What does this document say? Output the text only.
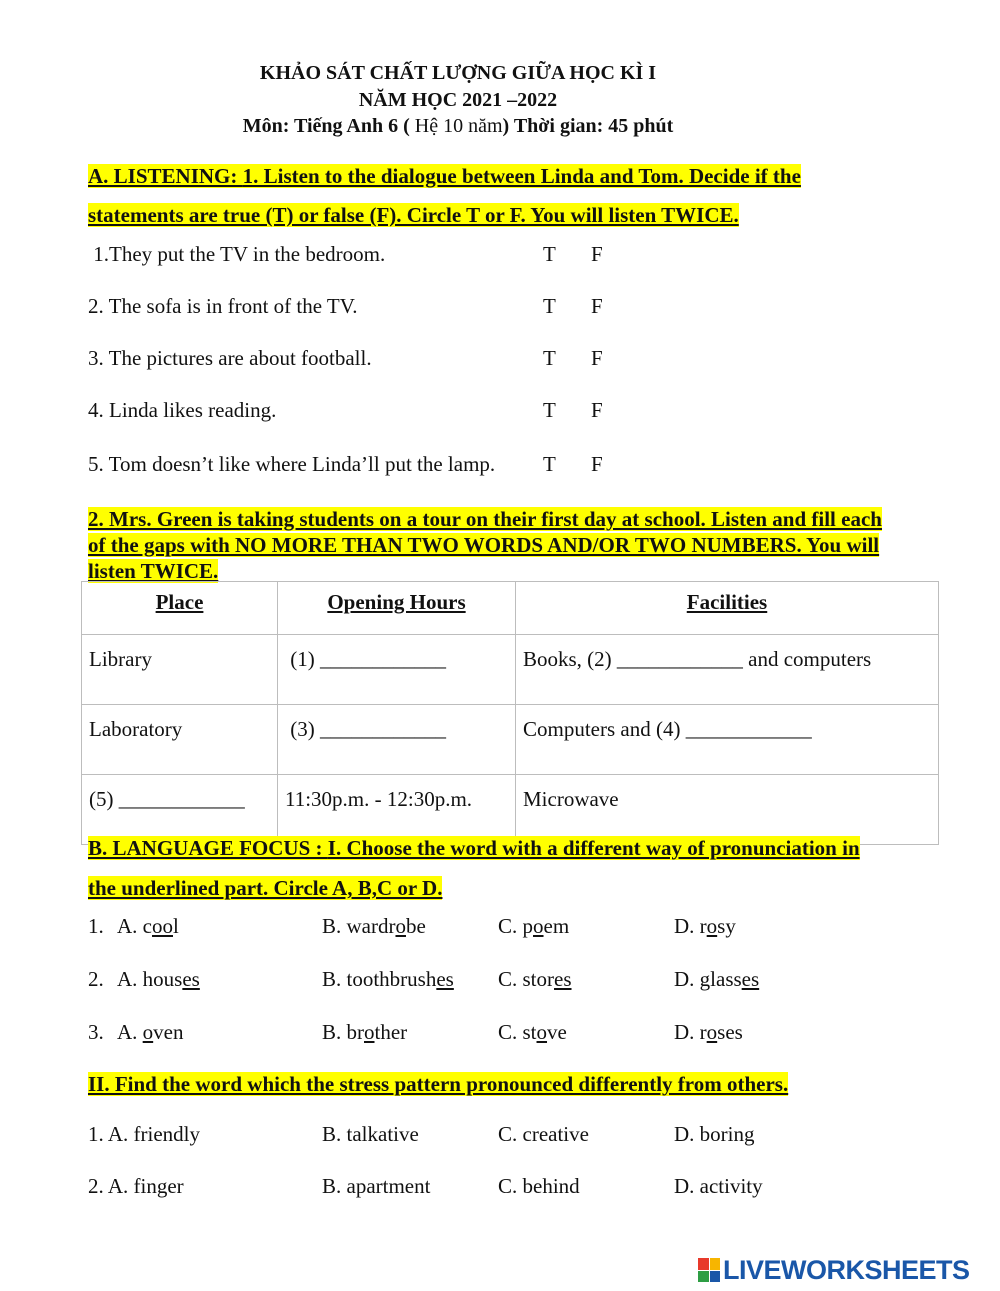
KHẢO SÁT CHẤT LƯỢNG GIỮA HỌC KÌ I
NĂM HỌC 2021 –2022
Môn: Tiếng Anh 6 ( Hệ 10 năm) Thời gian: 45 phút
A. LISTENING: 1. Listen to the dialogue between Linda and Tom. Decide if the
statements are true (T) or false (F). Circle T or F. You will listen TWICE.
1.They put the TV in the bedroom.	T F
2. The sofa is in front of the TV.	T F
3. The pictures are about football.	T F
4. Linda likes reading.	T F
5. Tom doesn’t like where Linda’ll put the lamp. T F
2. Mrs. Green is taking students on a tour on their first day at school. Listen and fill each
of the gaps with NO MORE THAN TWO WORDS AND/OR TWO NUMBERS. You will
listen TWICE.
Place	Opening Hours	Facilities
Library	(1) ____________	Books, (2) ____________ and computers
Laboratory	(3) ____________	Computers and (4) ____________
(5) ____________	11:30p.m. - 12:30p.m.	Microwave
B. LANGUAGE FOCUS : I. Choose the word with a different way of pronunciation in
the underlined part. Circle A, B,C or D.
1. A. cool	B. wardrobe	C. poem	D. rosy
2. A. houses	B. toothbrushes C. stores	D. glasses
3. A. oven	B. brother	C. stove	D. roses
II. Find the word which the stress pattern pronounced differently from others.
1. A. friendly	B. talkative	C. creative	D. boring
2. A. finger	B. apartment	C. behind	D. activity
LIVEWORKSHEETS
